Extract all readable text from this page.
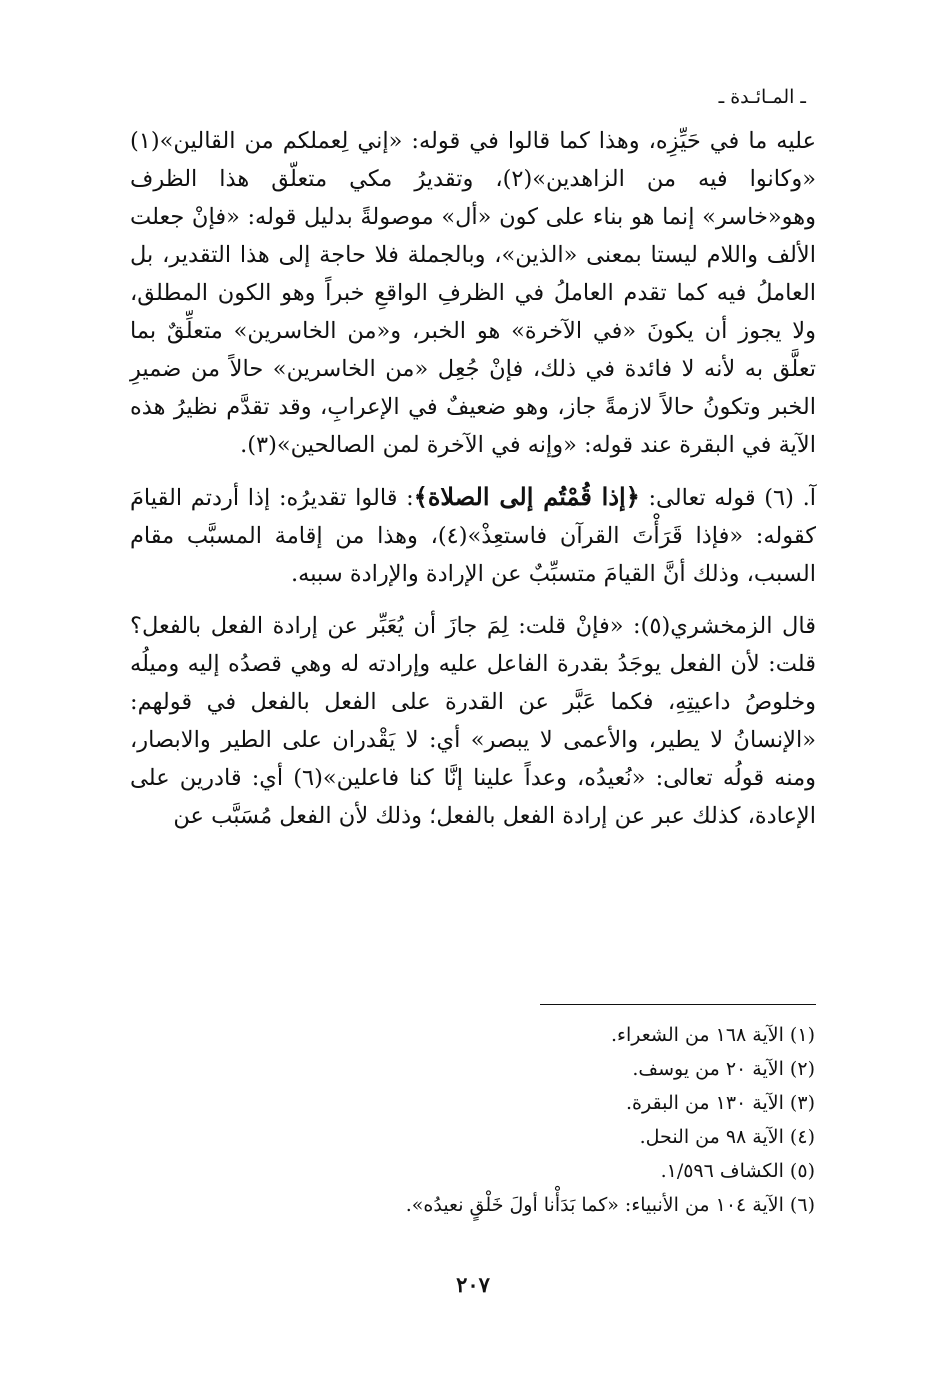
ـ المـائـدة ـ

عليه ما في حَيِّزِه، وهذا كما قالوا في قوله: «إني لِعملكم من القالين»(١) «وكانوا فيه من الزاهدين»(٢)، وتقديرُ مكي متعلّق هذا الظرف وهو«خاسر» إنما هو بناء على كون «أل» موصولةً بدليل قوله: «فإنْ جعلت الألف واللام ليستا بمعنى «الذين»، وبالجملة فلا حاجة إلى هذا التقدير، بل العاملُ فيه كما تقدم العاملُ في الظرفِ الواقعِ خبراً وهو الكون المطلق، ولا يجوز أن يكونَ «في الآخرة» هو الخبر، و«من الخاسرين» متعلِّقٌ بما تعلَّق به لأنه لا فائدة في ذلك، فإنْ جُعِل «من الخاسرين» حالاً من ضميرِ الخبر وتكونُ حالاً لازمةً جاز، وهو ضعيفٌ في الإعرابِ، وقد تقدَّم نظيرُ هذه الآية في البقرة عند قوله: «وإنه في الآخرة لمن الصالحين»(٣).

آ. (٦) قوله تعالى: ﴿إذا قُمْتُم إلى الصلاة﴾: قالوا تقديرُه: إذا أردتم القيامَ كقوله: «فإذا قَرَأْتَ القرآن فاستعِذْ»(٤)، وهذا من إقامة المسبَّب مقام السبب، وذلك أنَّ القيامَ متسبِّبٌ عن الإرادة والإرادة سببه.

قال الزمخشري(٥): «فإنْ قلت: لِمَ جازَ أن يُعَبِّر عن إرادة الفعل بالفعل؟ قلت: لأن الفعل يوجَدُ بقدرة الفاعل عليه وإرادته له وهي قصدُه إليه وميلُه وخلوصُ داعيتِهِ، فكما عَبَّر عن القدرة على الفعل بالفعل في قولهم: «الإنسانُ لا يطير، والأعمى لا يبصر» أي: لا يَقْدران على الطير والابصار، ومنه قولُه تعالى: «نُعيدُه، وعداً علينا إنَّا كنا فاعلين»(٦) أي: قادرين على الإعادة، كذلك عبر عن إرادة الفعل بالفعل؛ وذلك لأن الفعل مُسَبَّب عن

(١) الآية ١٦٨ من الشعراء.

(٢) الآية ٢٠ من يوسف.

(٣) الآية ١٣٠ من البقرة.

(٤) الآية ٩٨ من النحل.

(٥) الكشاف ١/٥٩٦.

(٦) الآية ١٠٤ من الأنبياء: «كما بَدَأْنا أولَ خَلْقٍ نعيدُه».

٢٠٧
